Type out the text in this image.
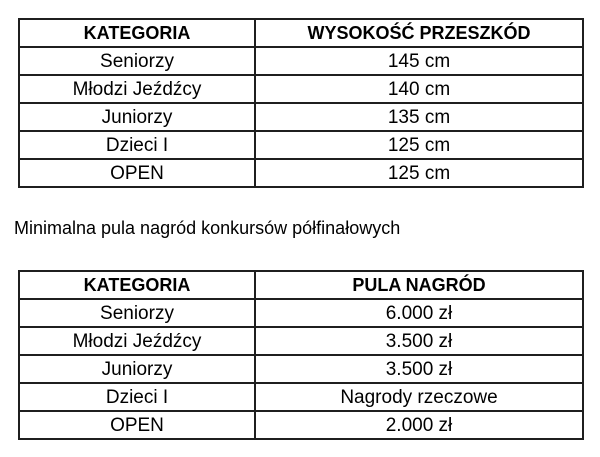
KATEGORIA	WYSOKOŚĆ PRZESZKÓD
Seniorzy	145 cm
Młodzi Jeźdźcy	140 cm
Juniorzy	135 cm
Dzieci I	125 cm
OPEN	125 cm

Minimalna pula nagród konkursów półfinałowych

KATEGORIA	PULA NAGRÓD
Seniorzy	6.000 zł
Młodzi Jeźdźcy	3.500 zł
Juniorzy	3.500 zł
Dzieci I	Nagrody rzeczowe
OPEN	2.000 zł
